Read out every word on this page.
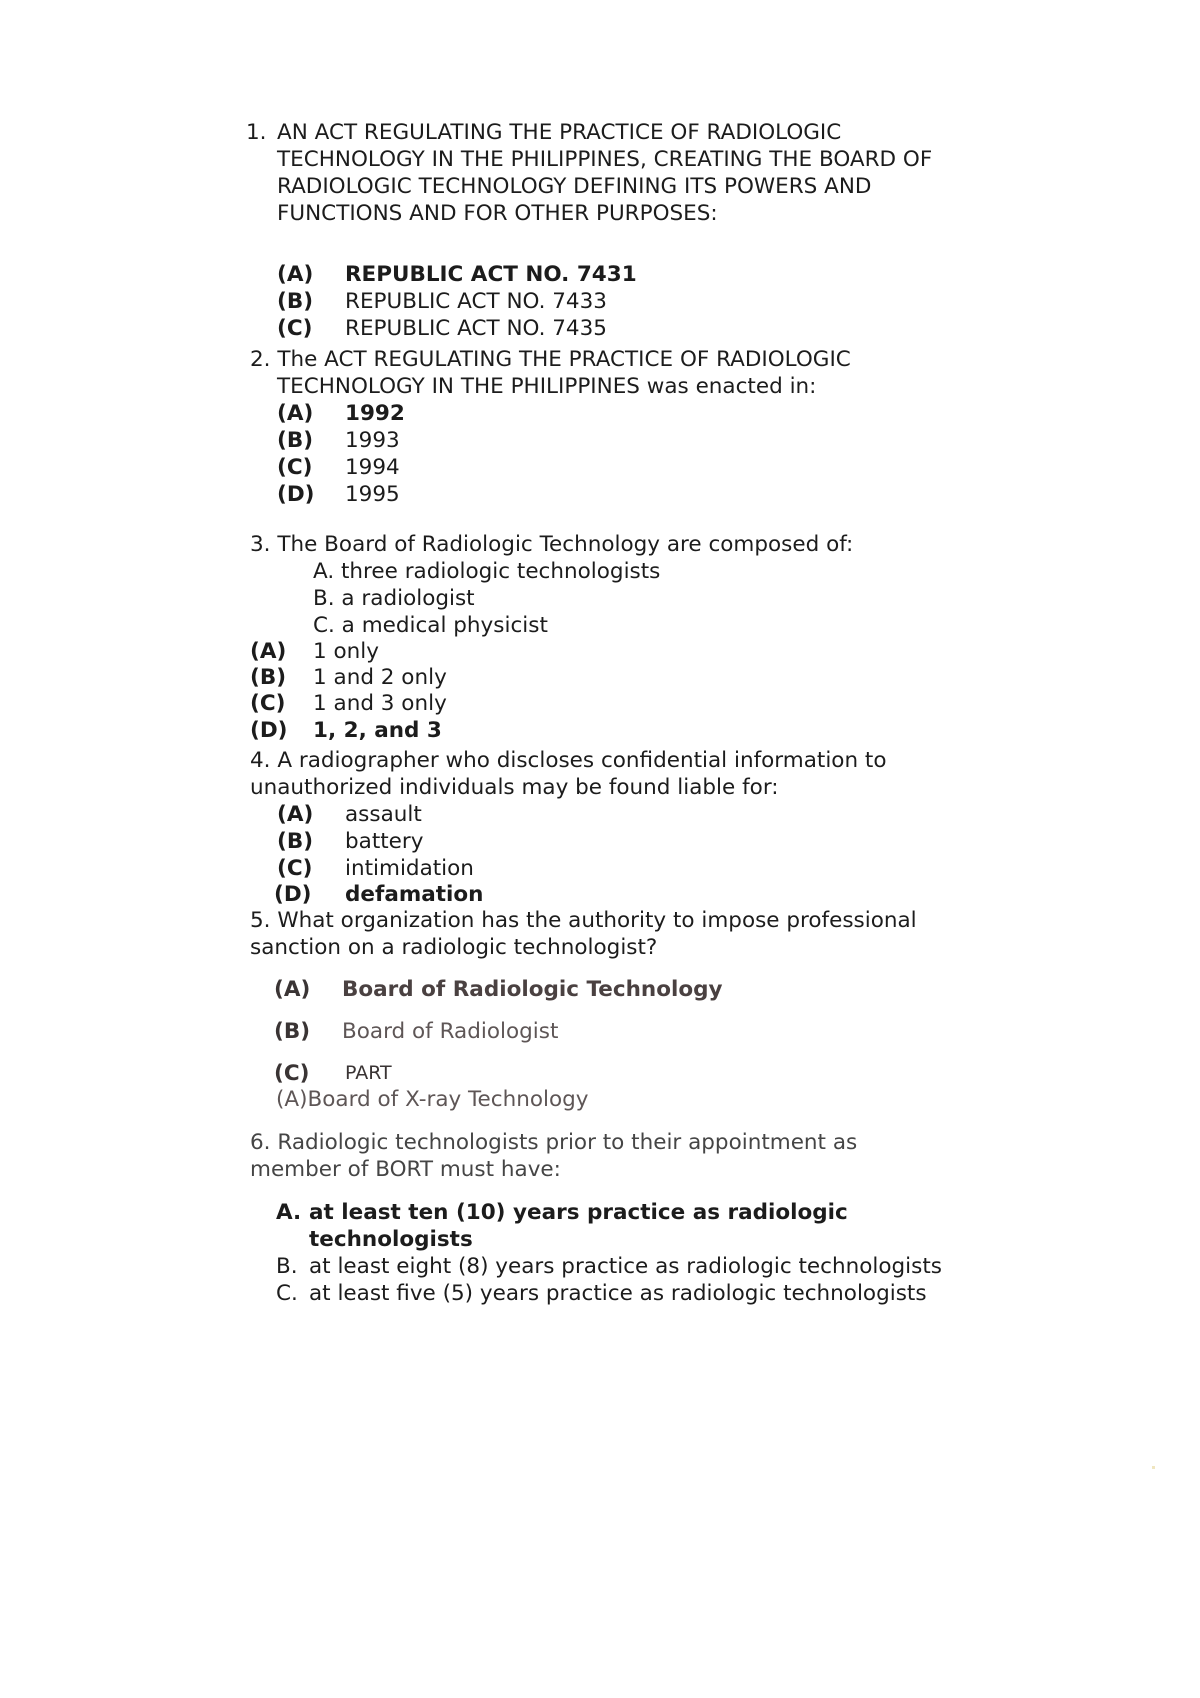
1. AN ACT REGULATING THE PRACTICE OF RADIOLOGIC
TECHNOLOGY IN THE PHILIPPINES, CREATING THE BOARD OF
RADIOLOGIC TECHNOLOGY DEFINING ITS POWERS AND
FUNCTIONS AND FOR OTHER PURPOSES:
(A) REPUBLIC ACT NO. 7431
(B) REPUBLIC ACT NO. 7433
(C) REPUBLIC ACT NO. 7435
2. The ACT REGULATING THE PRACTICE OF RADIOLOGIC
TECHNOLOGY IN THE PHILIPPINES was enacted in:
(A) 1992
(B) 1993
(C) 1994
(D) 1995
3. The Board of Radiologic Technology are composed of:
A. three radiologic technologists
B. a radiologist
C. a medical physicist
(A) 1 only
(B) 1 and 2 only
(C) 1 and 3 only
(D) 1, 2, and 3
4. A radiographer who discloses confidential information to
unauthorized individuals may be found liable for:
(A) assault
(B) battery
(C) intimidation
(D) defamation
5. What organization has the authority to impose professional
sanction on a radiologic technologist?
(A) Board of Radiologic Technology
(B) Board of Radiologist
(C) PART
(A)Board of X-ray Technology
6. Radiologic technologists prior to their appointment as
member of BORT must have:
A. at least ten (10) years practice as radiologic
technologists
B. at least eight (8) years practice as radiologic technologists
C. at least five (5) years practice as radiologic technologists
